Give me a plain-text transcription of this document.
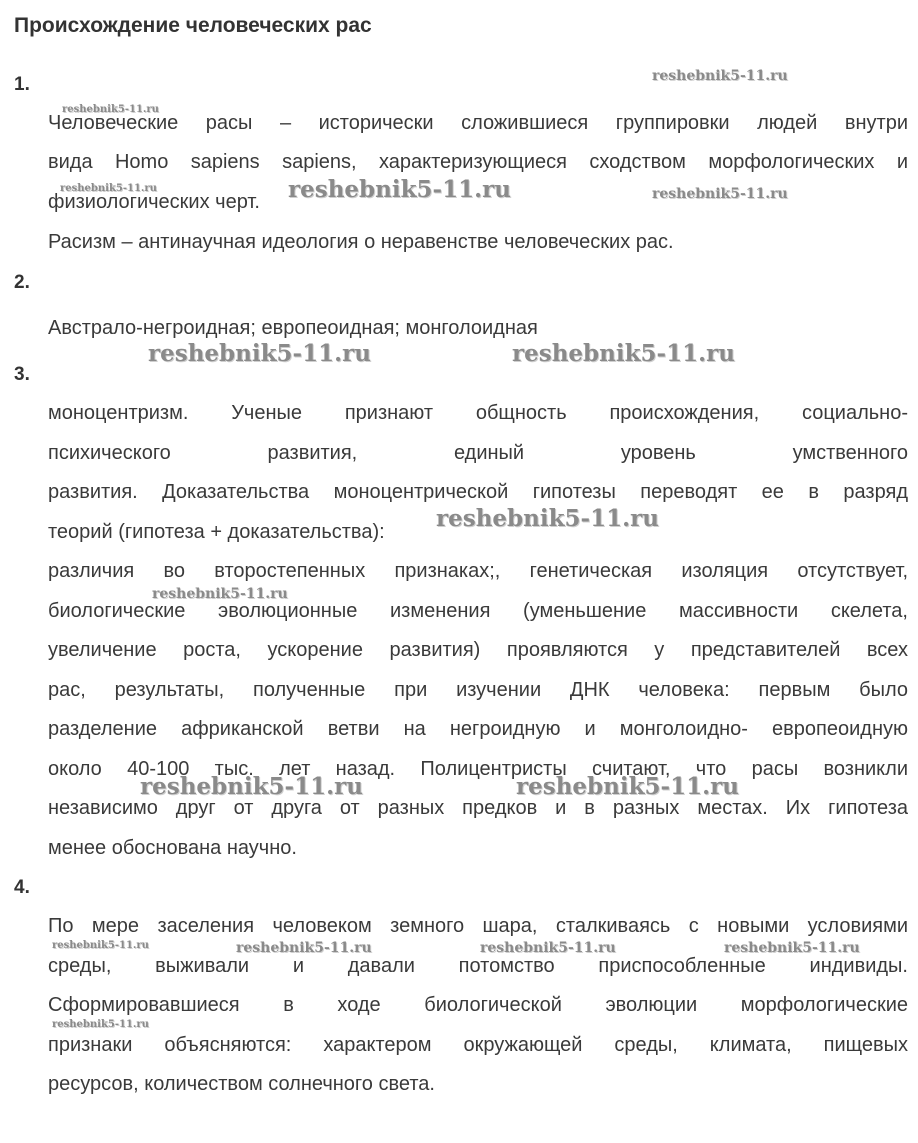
Происхождение человеческих рас
1.
Человеческие расы – исторически сложившиеся группировки людей внутри
вида Homo sapiens sapiens, характеризующиеся сходством морфологических и
физиологических черт.
Расизм – антинаучная идеология о неравенстве человеческих рас.
2.
Австрало-негроидная; европеоидная; монголоидная
3.
моноцентризм. Ученые признают общность происхождения, социально-
психического развития, единый уровень умственного
развития. Доказательства моноцентрической гипотезы переводят ее в разряд
теорий (гипотеза + доказательства):
различия во второстепенных признаках;, генетическая изоляция отсутствует,
биологические эволюционные изменения (уменьшение массивности скелета,
увеличение роста, ускорение развития) проявляются у представителей всех
рас, результаты, полученные при изучении ДНК человека: первым было
разделение африканской ветви на негроидную и монголоидно- европеоидную
около 40-100 тыс. лет назад. Полицентристы считают, что расы возникли
независимо друг от друга от разных предков и в разных местах. Их гипотеза
менее обоснована научно.
4.
По мере заселения человеком земного шара, сталкиваясь с новыми условиями
среды, выживали и давали потомство приспособленные индивиды.
Сформировавшиеся в ходе биологической эволюции морфологические
признаки объясняются: характером окружающей среды, климата, пищевых
ресурсов, количеством солнечного света.
reshebnik5-11.ru
reshebnik5-11.ru
reshebnik5-11.ru	reshebnik5-11.ru	reshebnik5-11.ru
reshebnik5-11.ru	reshebnik5-11.ru
reshebnik5-11.ru
reshebnik5-11.ru
reshebnik5-11.ru	reshebnik5-11.ru
reshebnik5-11.ru	reshebnik5-11.ru	reshebnik5-11.ru	reshebnik5-11.ru
reshebnik5-11.ru
